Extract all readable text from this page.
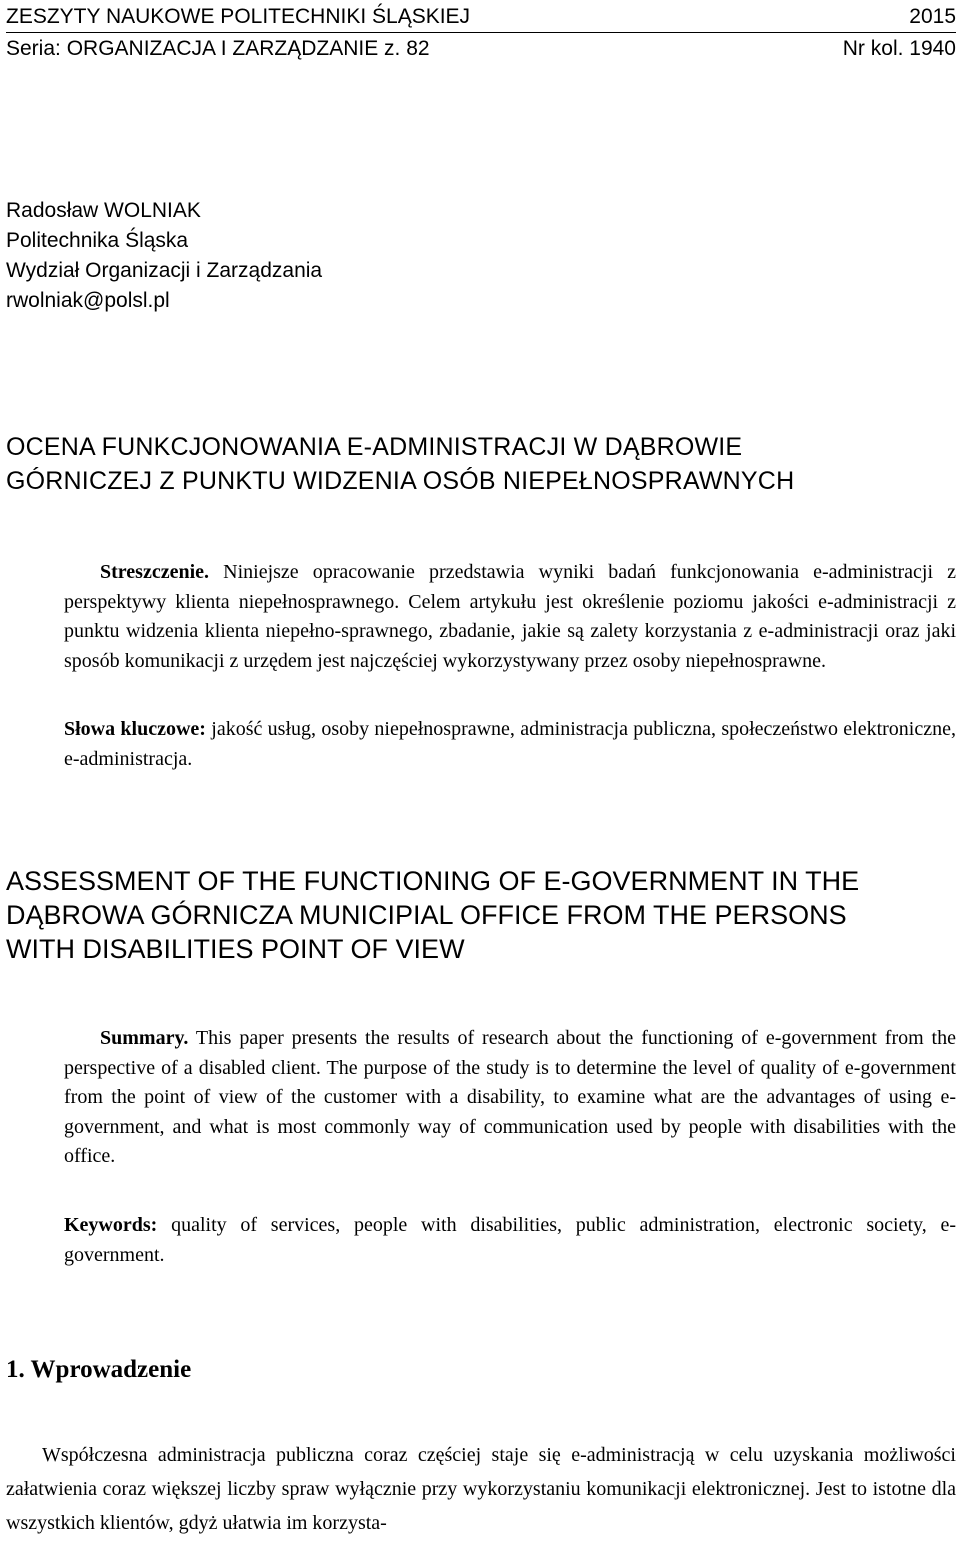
ZESZYTY NAUKOWE POLITECHNIKI ŚLĄSKIEJ	2015
Seria: ORGANIZACJA I ZARZĄDZANIE z. 82	Nr kol. 1940
Radosław WOLNIAK
Politechnika Śląska
Wydział Organizacji i Zarządzania
rwolniak@polsl.pl
OCENA FUNKCJONOWANIA E-ADMINISTRACJI W DĄBROWIE
GÓRNICZEJ Z PUNKTU WIDZENIA OSÓB NIEPEŁNOSPRAWNYCH

Streszczenie. Niniejsze opracowanie przedstawia wyniki badań funkcjonowania e-administracji z perspektywy klienta niepełnosprawnego. Celem artykułu jest określenie poziomu jakości e-administracji z punktu widzenia klienta niepełno-sprawnego, zbadanie, jakie są zalety korzystania z e-administracji oraz jaki sposób komunikacji z urzędem jest najczęściej wykorzystywany przez osoby niepełnosprawne.

Słowa kluczowe: jakość usług, osoby niepełnosprawne, administracja publiczna, społeczeństwo elektroniczne, e-administracja.

ASSESSMENT OF THE FUNCTIONING OF E-GOVERNMENT IN THE
DĄBROWA GÓRNICZA MUNICIPIAL OFFICE FROM THE PERSONS
WITH DISABILITIES POINT OF VIEW

Summary. This paper presents the results of research about the functioning of e-government from the perspective of a disabled client. The purpose of the study is to determine the level of quality of e-government from the point of view of the customer with a disability, to examine what are the advantages of using e-government, and what is most commonly way of communication used by people with disabilities with the office.

Keywords: quality of services, people with disabilities, public administration, electronic society, e-government.

1. Wprowadzenie

Współczesna administracja publiczna coraz częściej staje się e-administracją w celu uzyskania możliwości załatwienia coraz większej liczby spraw wyłącznie przy wykorzystaniu komunikacji elektronicznej. Jest to istotne dla wszystkich klientów, gdyż ułatwia im korzysta-
